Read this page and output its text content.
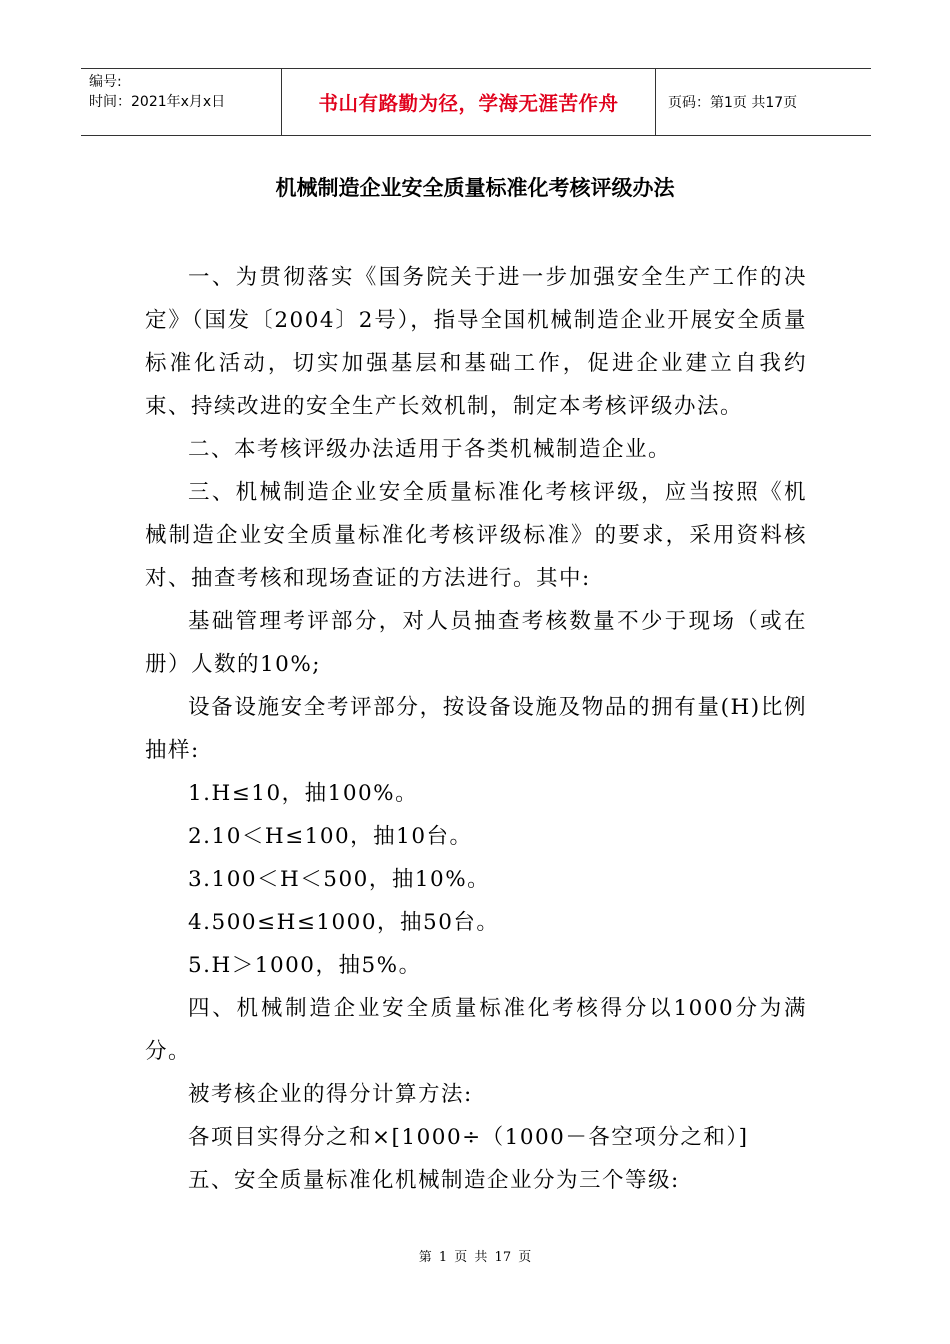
编号:
时间：2021年x月x日	书山有路勤为径，学海无涯苦作舟	页码：第1页 共17页
机械制造企业安全质量标准化考核评级办法

一、为贯彻落实《国务院关于进一步加强安全生产工作的决定》（国发〔2004〕2号），指导全国机械制造企业开展安全质量标准化活动，切实加强基层和基础工作，促进企业建立自我约束、持续改进的安全生产长效机制，制定本考核评级办法。

二、本考核评级办法适用于各类机械制造企业。

三、机械制造企业安全质量标准化考核评级，应当按照《机械制造企业安全质量标准化考核评级标准》的要求，采用资料核对、抽查考核和现场查证的方法进行。其中:

基础管理考评部分，对人员抽查考核数量不少于现场（或在册）人数的10%;

设备设施安全考评部分，按设备设施及物品的拥有量(H)比例抽样:

1.H≤10，抽100%。

2.10＜H≤100，抽10台。

3.100＜H＜500，抽10%。

4.500≤H≤1000，抽50台。

5.H＞1000，抽5%。

四、机械制造企业安全质量标准化考核得分以1000分为满分。

被考核企业的得分计算方法:

各项目实得分之和×[1000÷（1000－各空项分之和）]

五、安全质量标准化机械制造企业分为三个等级:

第 1 页 共 17 页
